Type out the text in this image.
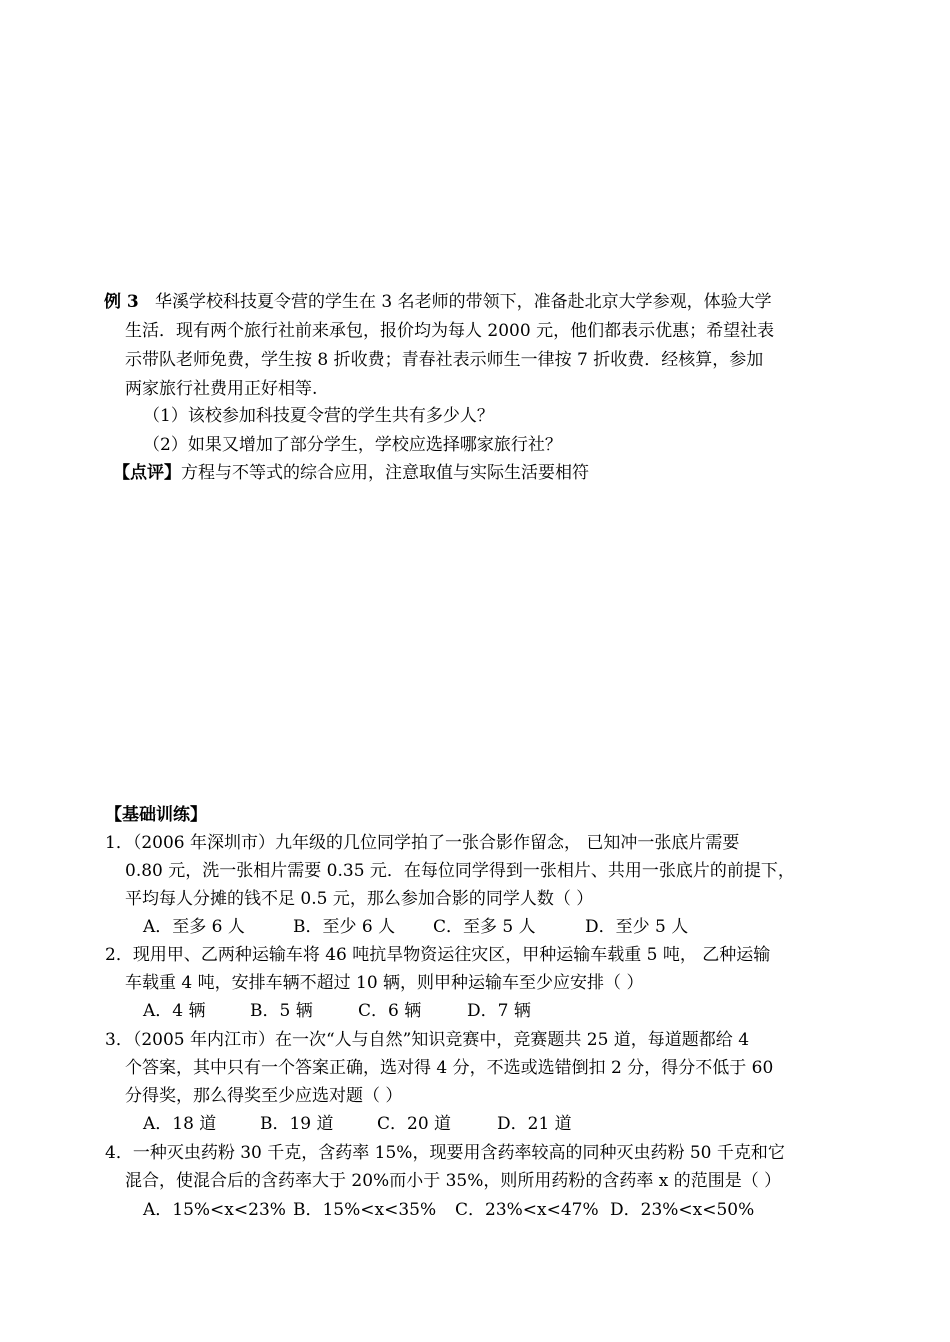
例 3 华溪学校科技夏令营的学生在 3 名老师的带领下，准备赴北京大学参观，体验大学
生活．现有两个旅行社前来承包，报价均为每人 2000 元，他们都表示优惠；希望社表
示带队老师免费，学生按 8 折收费；青春社表示师生一律按 7 折收费．经核算，参加
两家旅行社费用正好相等.
（1）该校参加科技夏令营的学生共有多少人？
（2）如果又增加了部分学生，学校应选择哪家旅行社？
【点评】方程与不等式的综合应用，注意取值与实际生活要相符
【基础训练】
1．（2006 年深圳市）九年级的几位同学拍了一张合影作留念， 已知冲一张底片需要
0.80 元，洗一张相片需要 0.35 元．在每位同学得到一张相片、共用一张底片的前提下，
平均每人分摊的钱不足 0.5 元，那么参加合影的同学人数（ ）
A．至多 6 人	B．至少 6 人 C．至多 5 人	D．至少 5 人
2．现用甲、乙两种运输车将 46 吨抗旱物资运往灾区，甲种运输车载重 5 吨， 乙种运输
车载重 4 吨，安排车辆不超过 10 辆，则甲种运输车至少应安排（ ）
A．4 辆	B．5 辆	C．6 辆	D．7 辆
3．（2005 年内江市）在一次“人与自然”知识竞赛中，竞赛题共 25 道，每道题都给 4
个答案，其中只有一个答案正确，选对得 4 分，不选或选错倒扣 2 分，得分不低于 60
分得奖，那么得奖至少应选对题（ ）
A．18 道	B．19 道	C．20 道	D．21 道
4．一种灭虫药粉 30 千克，含药率 15%，现要用含药率较高的同种灭虫药粉 50 千克和它
混合，使混合后的含药率大于 20%而小于 35%，则所用药粉的含药率 x 的范围是（ ）
A．15%<x<23% B．15%<x<35% C．23%<x<47% D．23%<x<50%
